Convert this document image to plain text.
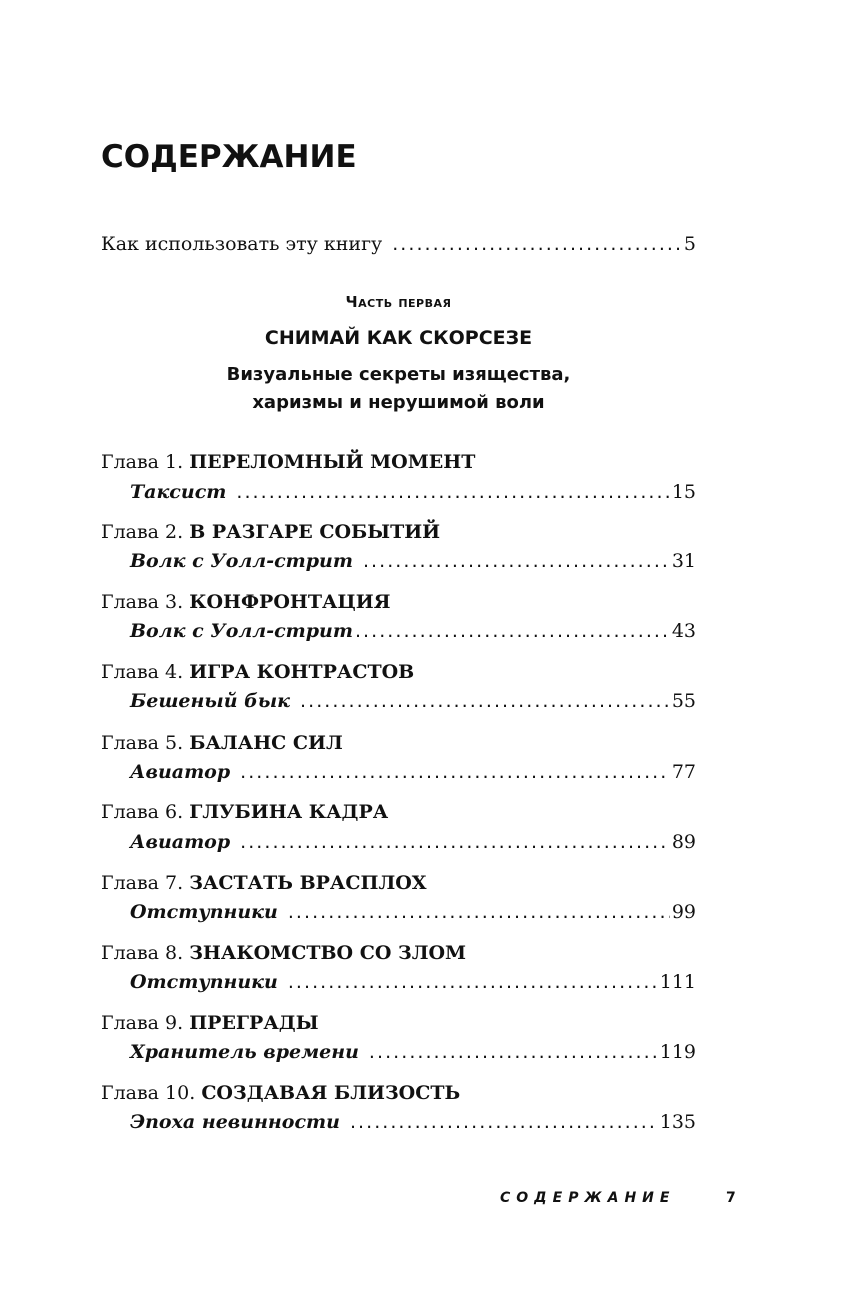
СОДЕРЖАНИЕ
Как использовать эту книгу . . .	5
Часть первая
СНИМАЙ КАК СКОРСЕЗЕ
Визуальные секреты изящества,
харизмы и нерушимой воли
Глава 1. ПЕРЕЛОМНЫЙ МОМЕНТ
Таксист . . .	15
Глава 2. В РАЗГАРЕ СОБЫТИЙ
Волк с Уолл-стрит . . .	31
Глава 3. КОНФРОНТАЦИЯ
Волк с Уолл-стрит . . .	43
Глава 4. ИГРА КОНТРАСТОВ
Бешеный бык . . .	55
Глава 5. БАЛАНС СИЛ
Авиатор . . .	77
Глава 6. ГЛУБИНА КАДРА
Авиатор . . .	89
Глава 7. ЗАСТАТЬ ВРАСПЛОХ
Отступники . . .	99
Глава 8. ЗНАКОМСТВО СО ЗЛОМ
Отступники . . .	111
Глава 9. ПРЕГРАДЫ
Хранитель времени . . .	119
Глава 10. СОЗДАВАЯ БЛИЗОСТЬ
Эпоха невинности . . .	135
СОДЕРЖАНИЕ	7
